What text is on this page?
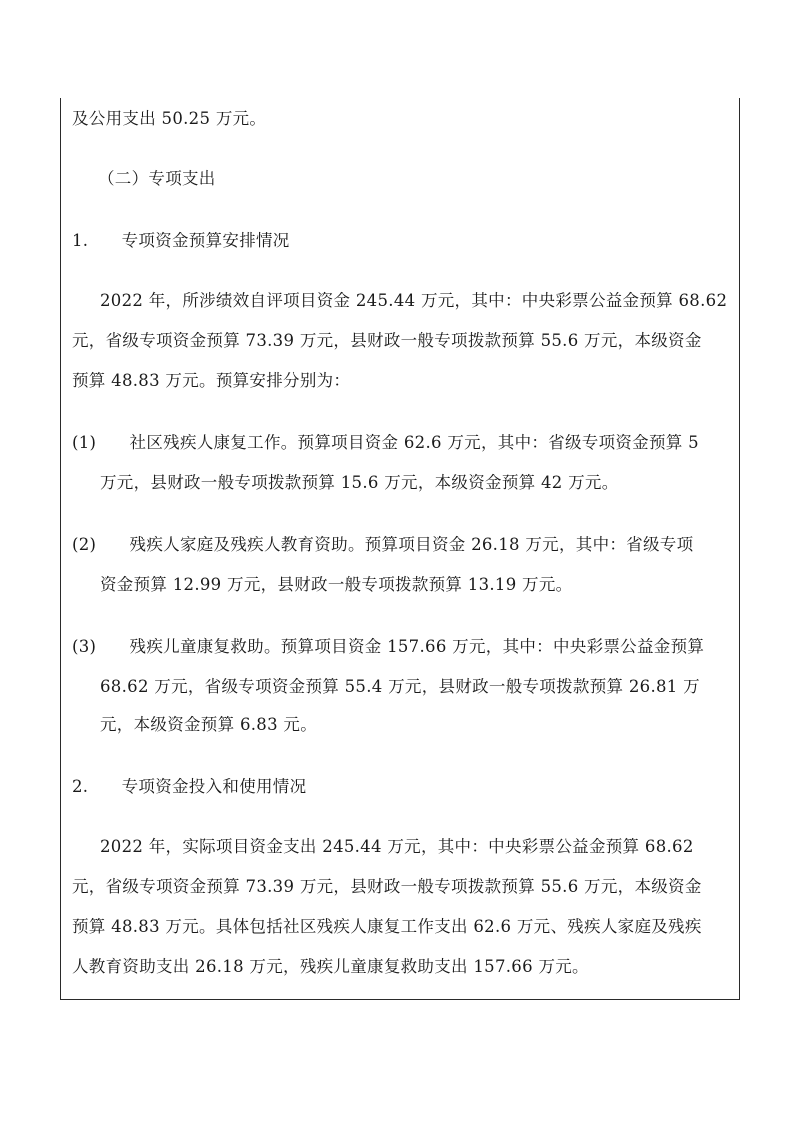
及公用支出 50.25 万元。
（二）专项支出
1.      专项资金预算安排情况
2022 年，所涉绩效自评项目资金 245.44 万元，其中：中央彩票公益金预算 68.62
元，省级专项资金预算 73.39 万元，县财政一般专项拨款预算 55.6 万元，本级资金
预算 48.83 万元。预算安排分别为：
(1)      社区残疾人康复工作。预算项目资金 62.6 万元，其中：省级专项资金预算 5
万元，县财政一般专项拨款预算 15.6 万元，本级资金预算 42 万元。
(2)      残疾人家庭及残疾人教育资助。预算项目资金 26.18 万元，其中：省级专项
资金预算 12.99 万元，县财政一般专项拨款预算 13.19 万元。
(3)      残疾儿童康复救助。预算项目资金 157.66 万元，其中：中央彩票公益金预算
68.62 万元，省级专项资金预算 55.4 万元，县财政一般专项拨款预算 26.81 万
元，本级资金预算 6.83 元。
2.      专项资金投入和使用情况
2022 年，实际项目资金支出 245.44 万元，其中：中央彩票公益金预算 68.62
元，省级专项资金预算 73.39 万元，县财政一般专项拨款预算 55.6 万元，本级资金
预算 48.83 万元。具体包括社区残疾人康复工作支出 62.6 万元、残疾人家庭及残疾
人教育资助支出 26.18 万元，残疾儿童康复救助支出 157.66 万元。
